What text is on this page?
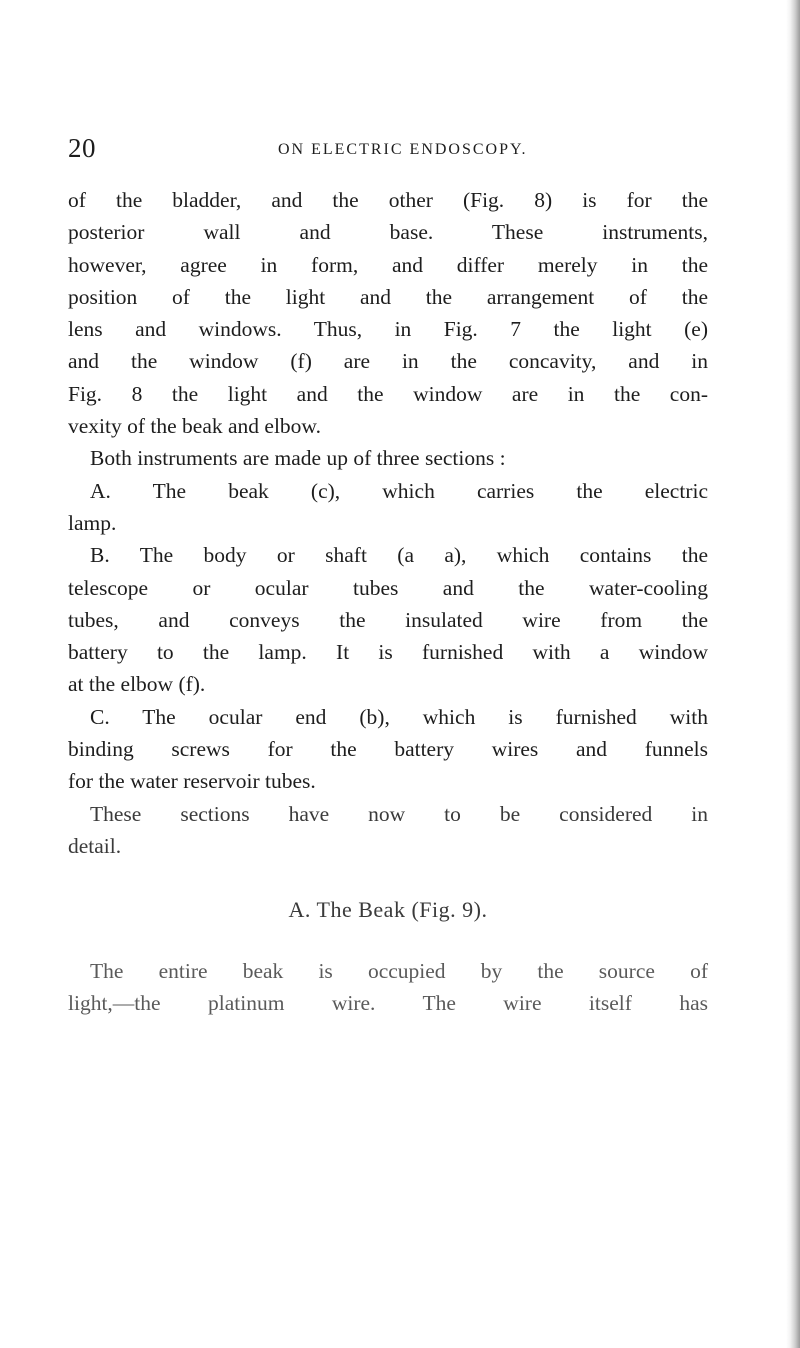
20	ON ELECTRIC ENDOSCOPY.
of the bladder, and the other (Fig. 8) is for the
posterior wall and base. These instruments,
however, agree in form, and differ merely in the
position of the light and the arrangement of the
lens and windows. Thus, in Fig. 7 the light (e)
and the window (f) are in the concavity, and in
Fig. 8 the light and the window are in the con-
vexity of the beak and elbow.
Both instruments are made up of three sections :
A. The beak (c), which carries the electric
lamp.
B. The body or shaft (a a), which contains the
telescope or ocular tubes and the water-cooling
tubes, and conveys the insulated wire from the
battery to the lamp. It is furnished with a window
at the elbow (f).
C. The ocular end (b), which is furnished with
binding screws for the battery wires and funnels
for the water reservoir tubes.
These sections have now to be considered in
detail.
A. The Beak (Fig. 9).
The entire beak is occupied by the source of
light,—the platinum wire. The wire itself has
